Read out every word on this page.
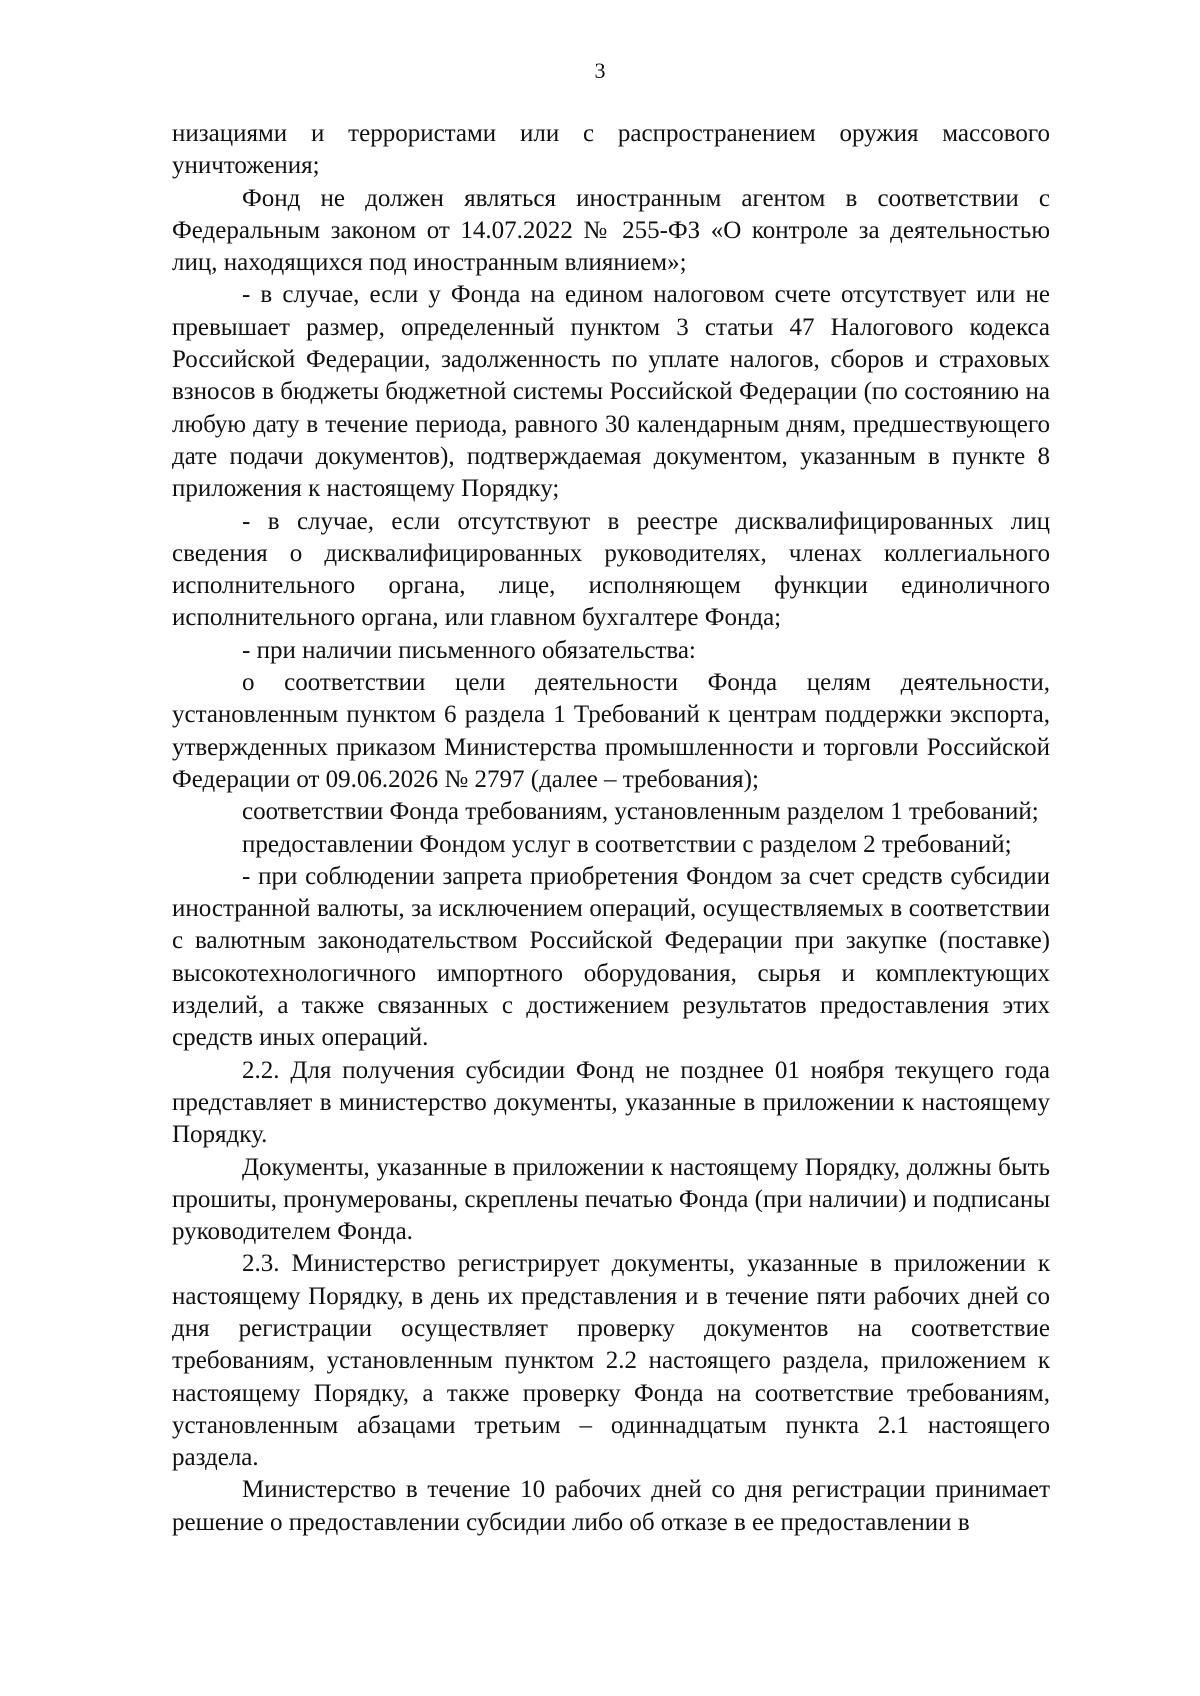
3

низациями и террористами или с распространением оружия массового уничтожения;

Фонд не должен являться иностранным агентом в соответствии с Федеральным законом от 14.07.2022 № 255-ФЗ «О контроле за деятельностью лиц, находящихся под иностранным влиянием»;

- в случае, если у Фонда на едином налоговом счете отсутствует или не превышает размер, определенный пунктом 3 статьи 47 Налогового кодекса Российской Федерации, задолженность по уплате налогов, сборов и страховых взносов в бюджеты бюджетной системы Российской Федерации (по состоянию на любую дату в течение периода, равного 30 календарным дням, предшествующего дате подачи документов), подтверждаемая документом, указанным в пункте 8 приложения к настоящему Порядку;

- в случае, если отсутствуют в реестре дисквалифицированных лиц сведения о дисквалифицированных руководителях, членах коллегиального исполнительного органа, лице, исполняющем функции единоличного исполнительного органа, или главном бухгалтере Фонда;

- при наличии письменного обязательства:

о соответствии цели деятельности Фонда целям деятельности, установленным пунктом 6 раздела 1 Требований к центрам поддержки экспорта, утвержденных приказом Министерства промышленности и торговли Российской Федерации от 09.06.2026 № 2797 (далее – требования);

соответствии Фонда требованиям, установленным разделом 1 требований;

предоставлении Фондом услуг в соответствии с разделом 2 требований;

- при соблюдении запрета приобретения Фондом за счет средств субсидии иностранной валюты, за исключением операций, осуществляемых в соответствии с валютным законодательством Российской Федерации при закупке (поставке) высокотехнологичного импортного оборудования, сырья и комплектующих изделий, а также связанных с достижением результатов предоставления этих средств иных операций.

2.2. Для получения субсидии Фонд не позднее 01 ноября текущего года представляет в министерство документы, указанные в приложении к настоящему Порядку.

Документы, указанные в приложении к настоящему Порядку, должны быть прошиты, пронумерованы, скреплены печатью Фонда (при наличии) и подписаны руководителем Фонда.

2.3. Министерство регистрирует документы, указанные в приложении к настоящему Порядку, в день их представления и в течение пяти рабочих дней со дня регистрации осуществляет проверку документов на соответствие требованиям, установленным пунктом 2.2 настоящего раздела, приложением к настоящему Порядку, а также проверку Фонда на соответствие требованиям, установленным абзацами третьим – одиннадцатым пункта 2.1 настоящего раздела.

Министерство в течение 10 рабочих дней со дня регистрации принимает решение о предоставлении субсидии либо об отказе в ее предоставлении в
